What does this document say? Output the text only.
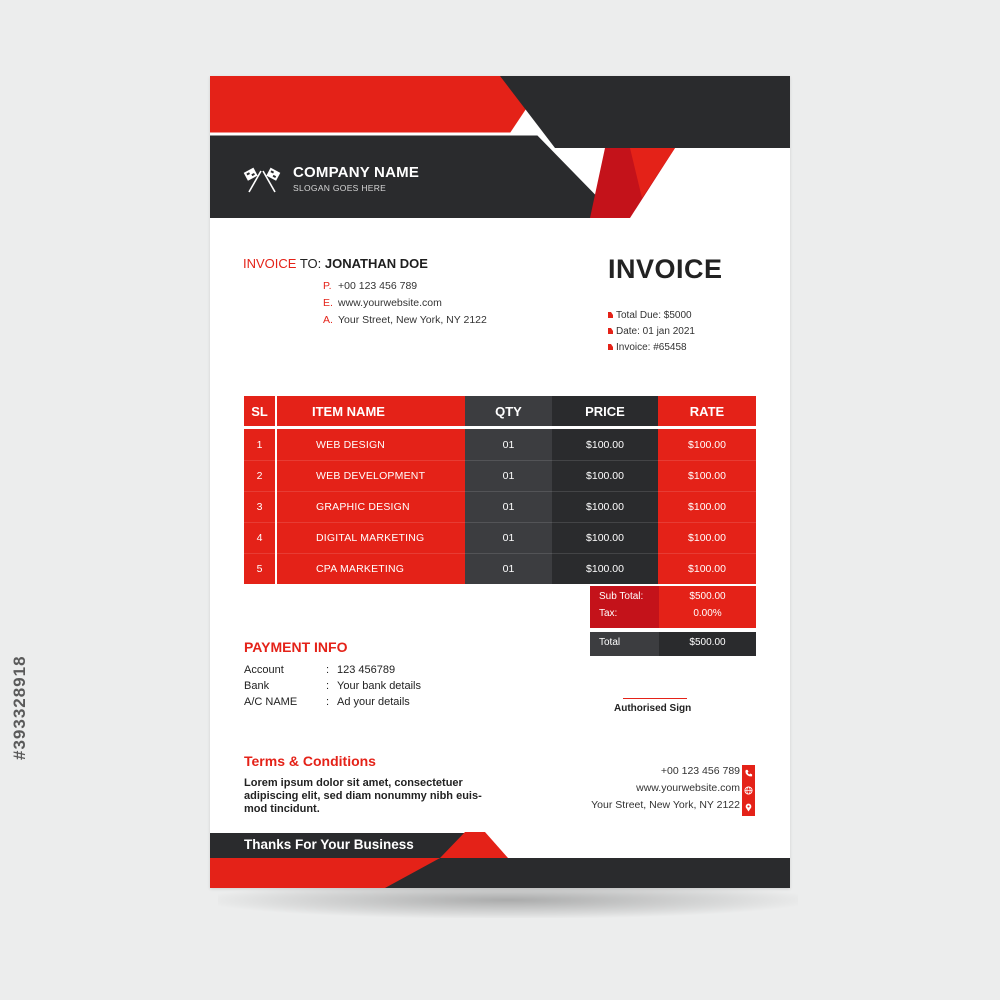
#393328918
COMPANY NAME
SLOGAN GOES HERE
INVOICE TO: JONATHAN DOE
P. +00 123 456 789
E. www.yourwebsite.com
A. Your Street, New York, NY 2122
INVOICE
Total Due: $5000
Date: 01 jan 2021
Invoice: #65458
SL	ITEM NAME	QTY	PRICE	RATE
1	WEB DESIGN	01	$100.00	$100.00
2	WEB DEVELOPMENT	01	$100.00	$100.00
3	GRAPHIC DESIGN	01	$100.00	$100.00
4	DIGITAL MARKETING	01	$100.00	$100.00
5	CPA MARKETING	01	$100.00	$100.00
Sub Total:	$500.00
Tax:	0.00%
Total	$500.00
PAYMENT INFO
Account	: 123 456789
Bank	: Your bank details
A/C NAME	: Ad your details
Authorised Sign
Terms & Conditions
Lorem ipsum dolor sit amet, consectetuer
adipiscing elit, sed diam nonummy nibh euis-
mod tincidunt.
+00 123 456 789
www.yourwebsite.com
Your Street, New York, NY 2122
Thanks For Your Business
